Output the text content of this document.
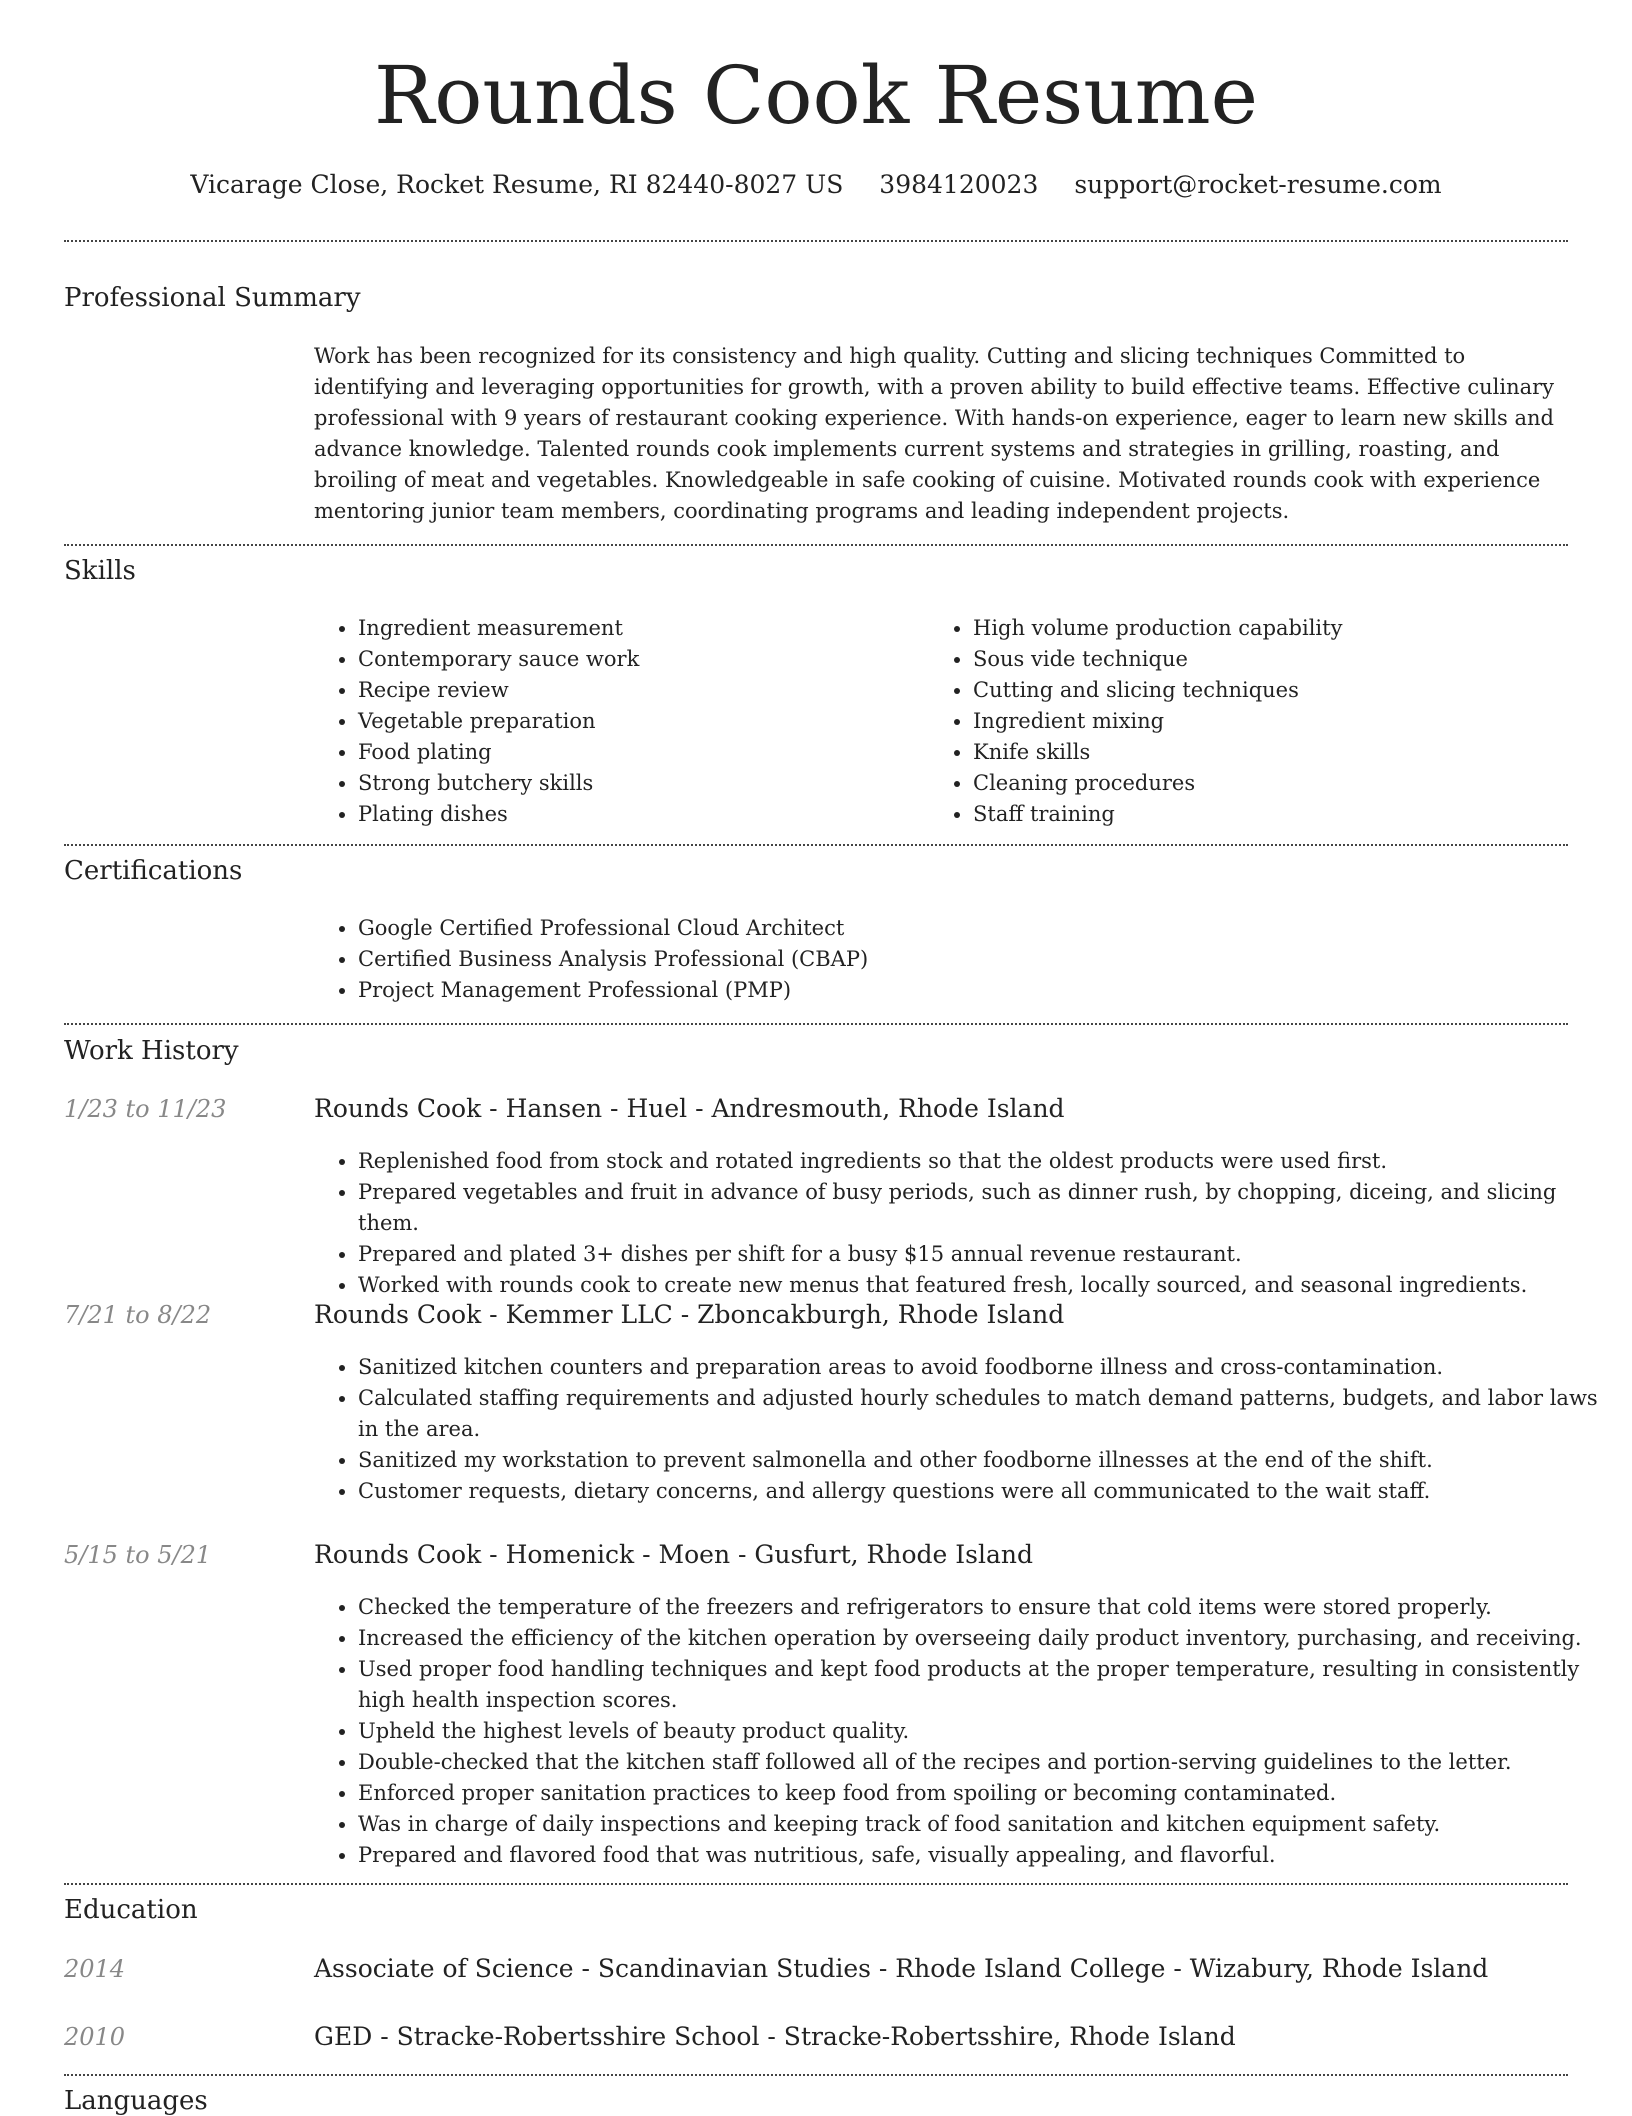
Rounds Cook Resume
Vicarage Close, Rocket Resume, RI 82440-8027 US 3984120023 support@rocket-resume.com
Professional Summary

Work has been recognized for its consistency and high quality. Cutting and slicing techniques Committed to identifying and leveraging opportunities for growth, with a proven ability to build effective teams. Effective culinary professional with 9 years of restaurant cooking experience. With hands-on experience, eager to learn new skills and advance knowledge. Talented rounds cook implements current systems and strategies in grilling, roasting, and broiling of meat and vegetables. Knowledgeable in safe cooking of cuisine. Motivated rounds cook with experience mentoring junior team members, coordinating programs and leading independent projects.

Skills
• Ingredient measurement
• Contemporary sauce work
• Recipe review
• Vegetable preparation
• Food plating
• Strong butchery skills
• Plating dishes
• High volume production capability
• Sous vide technique
• Cutting and slicing techniques
• Ingredient mixing
• Knife skills
• Cleaning procedures
• Staff training
Certifications
• Google Certified Professional Cloud Architect
• Certified Business Analysis Professional (CBAP)
• Project Management Professional (PMP)
Work History
1/23 to 11/23	Rounds Cook - Hansen - Huel - Andresmouth, Rhode Island
• Replenished food from stock and rotated ingredients so that the oldest products were used first.
• Prepared vegetables and fruit in advance of busy periods, such as dinner rush, by chopping, diceing, and slicing them.
• Prepared and plated 3+ dishes per shift for a busy $15 annual revenue restaurant.
• Worked with rounds cook to create new menus that featured fresh, locally sourced, and seasonal ingredients.
7/21 to 8/22	Rounds Cook - Kemmer LLC - Zboncakburgh, Rhode Island
• Sanitized kitchen counters and preparation areas to avoid foodborne illness and cross-contamination.
• Calculated staffing requirements and adjusted hourly schedules to match demand patterns, budgets, and labor laws in the area.
• Sanitized my workstation to prevent salmonella and other foodborne illnesses at the end of the shift.
• Customer requests, dietary concerns, and allergy questions were all communicated to the wait staff.
5/15 to 5/21	Rounds Cook - Homenick - Moen - Gusfurt, Rhode Island
• Checked the temperature of the freezers and refrigerators to ensure that cold items were stored properly.
• Increased the efficiency of the kitchen operation by overseeing daily product inventory, purchasing, and receiving.
• Used proper food handling techniques and kept food products at the proper temperature, resulting in consistently high health inspection scores.
• Upheld the highest levels of beauty product quality.
• Double-checked that the kitchen staff followed all of the recipes and portion-serving guidelines to the letter.
• Enforced proper sanitation practices to keep food from spoiling or becoming contaminated.
• Was in charge of daily inspections and keeping track of food sanitation and kitchen equipment safety.
• Prepared and flavored food that was nutritious, safe, visually appealing, and flavorful.
Education
2014	Associate of Science - Scandinavian Studies - Rhode Island College - Wizabury, Rhode Island
2010	GED - Stracke-Robertsshire School - Stracke-Robertsshire, Rhode Island
Languages
